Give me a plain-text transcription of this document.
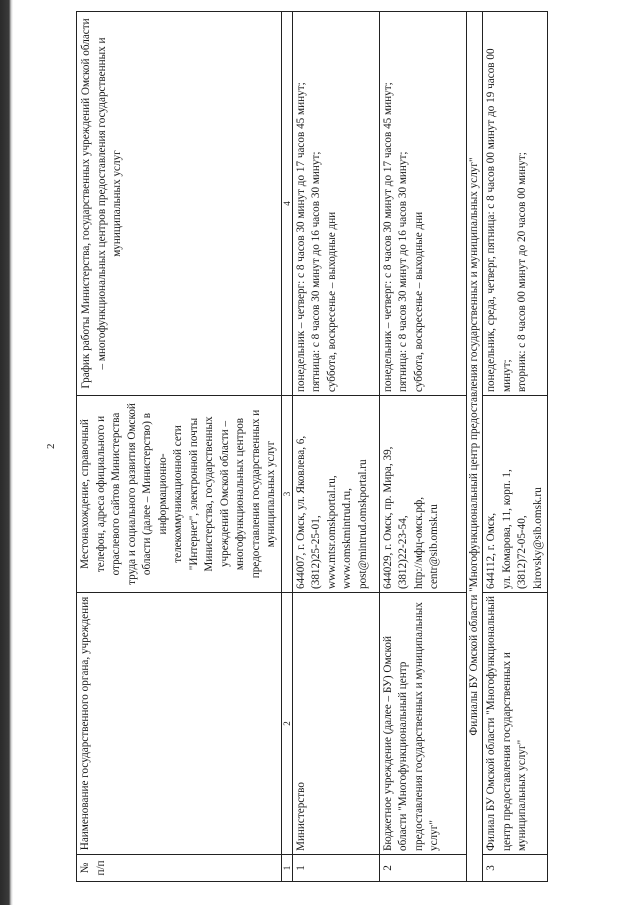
2
№ п/п	Наименование государственного органа, учреждения	Местонахождение, справочный телефон, адреса официального и отраслевого сайтов Министерства труда и социального развития Омской области (далее – Министерство) в информационно-телекоммуникационной сети "Интернет", электронной почты Министерства, государственных учреждений Омской области – многофункциональных центров предоставления государственных и муниципальных услуг	График работы Министерства, государственных учреждений Омской области – многофункциональных центров предоставления государственных и муниципальных услуг
1	2	3	4
1	Министерство	644007, г. Омск, ул. Яковлева, 6, (3812)25-25-01, www.mtsr.omskportal.ru, www.omskmintrud.ru, post@mintrud.omskportal.ru	понедельник – четверг: с 8 часов 30 минут до 17 часов 45 минут; пятница: с 8 часов 30 минут до 16 часов 30 минут; суббота, воскресенье – выходные дни

2	Бюджетное учреждение (далее – БУ) Омской области "Многофункциональный центр предоставления государственных и муниципальных услуг"	644029, г. Омск, пр. Мира, 39, (3812)22-23-54, http://мфц-омск.рф, centr@sib.omsk.ru	понедельник – четверг: с 8 часов 30 минут до 17 часов 45 минут; пятница: с 8 часов 30 минут до 16 часов 30 минут; суббота, воскресенье – выходные дни

Филиалы БУ Омской области "Многофункциональный центр предоставления государственных и муниципальных услуг"			
3	Филиал БУ Омской области "Многофункциональный центр предоставления государственных и муниципальных услуг"	644112, г. Омск, ул. Комарова, 11, корп. 1, (3812)72-05-40, kirovsky@sib.omsk.ru	понедельник, среда, четверг, пятница: с 8 часов 00 минут до 19 часов 00 минут; вторник: с 8 часов 00 минут до 20 часов 00 минут;
